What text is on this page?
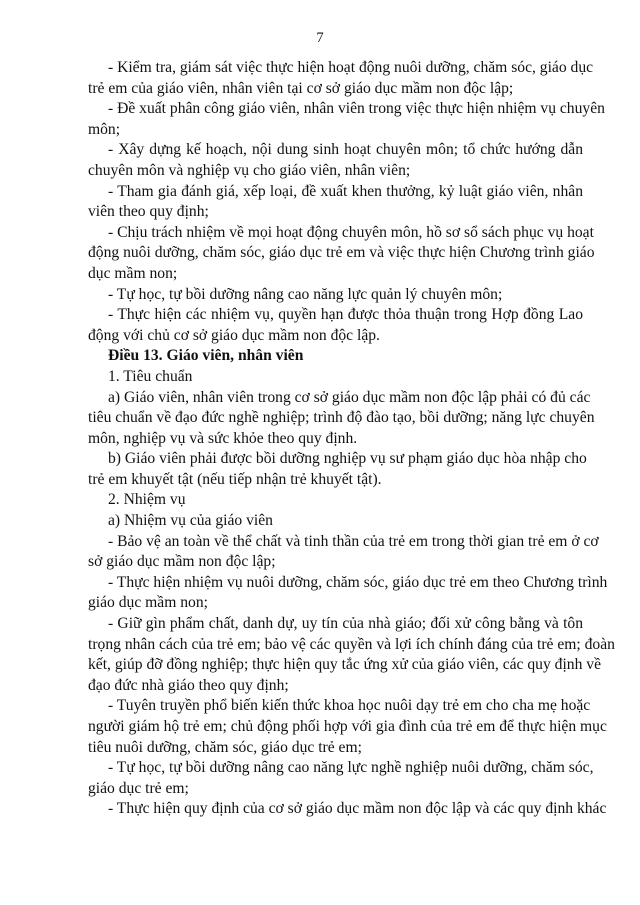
7
- Kiểm tra, giám sát việc thực hiện hoạt động nuôi dưỡng, chăm sóc, giáo dục
trẻ em của giáo viên, nhân viên tại cơ sở giáo dục mầm non độc lập;
- Đề xuất phân công giáo viên, nhân viên trong việc thực hiện nhiệm vụ chuyên
môn;
- Xây dựng kế hoạch, nội dung sinh hoạt chuyên môn; tổ chức hướng dẫn
chuyên môn và nghiệp vụ cho giáo viên, nhân viên;
- Tham gia đánh giá, xếp loại, đề xuất khen thưởng, kỷ luật giáo viên, nhân
viên theo quy định;
- Chịu trách nhiệm về mọi hoạt động chuyên môn, hồ sơ sổ sách phục vụ hoạt
động nuôi dưỡng, chăm sóc, giáo dục trẻ em và việc thực hiện Chương trình giáo
dục mầm non;
- Tự học, tự bồi dưỡng nâng cao năng lực quản lý chuyên môn;
- Thực hiện các nhiệm vụ, quyền hạn được thỏa thuận trong Hợp đồng Lao
động với chủ cơ sở giáo dục mầm non độc lập.
Điều 13. Giáo viên, nhân viên
1. Tiêu chuẩn
a) Giáo viên, nhân viên trong cơ sở giáo dục mầm non độc lập phải có đủ các
tiêu chuẩn về đạo đức nghề nghiệp; trình độ đào tạo, bồi dưỡng; năng lực chuyên
môn, nghiệp vụ và sức khỏe theo quy định.
b) Giáo viên phải được bồi dưỡng nghiệp vụ sư phạm giáo dục hòa nhập cho
trẻ em khuyết tật (nếu tiếp nhận trẻ khuyết tật).
2. Nhiệm vụ
a) Nhiệm vụ của giáo viên
- Bảo vệ an toàn về thể chất và tinh thần của trẻ em trong thời gian trẻ em ở cơ
sở giáo dục mầm non độc lập;
- Thực hiện nhiệm vụ nuôi dưỡng, chăm sóc, giáo dục trẻ em theo Chương trình
giáo dục mầm non;
- Giữ gìn phẩm chất, danh dự, uy tín của nhà giáo; đối xử công bằng và tôn
trọng nhân cách của trẻ em; bảo vệ các quyền và lợi ích chính đáng của trẻ em; đoàn
kết, giúp đỡ đồng nghiệp; thực hiện quy tắc ứng xử của giáo viên, các quy định về
đạo đức nhà giáo theo quy định;
- Tuyên truyền phổ biến kiến thức khoa học nuôi dạy trẻ em cho cha mẹ hoặc
người giám hộ trẻ em; chủ động phối hợp với gia đình của trẻ em để thực hiện mục
tiêu nuôi dưỡng, chăm sóc, giáo dục trẻ em;
- Tự học, tự bồi dưỡng nâng cao năng lực nghề nghiệp nuôi dưỡng, chăm sóc,
giáo dục trẻ em;
- Thực hiện quy định của cơ sở giáo dục mầm non độc lập và các quy định khác
